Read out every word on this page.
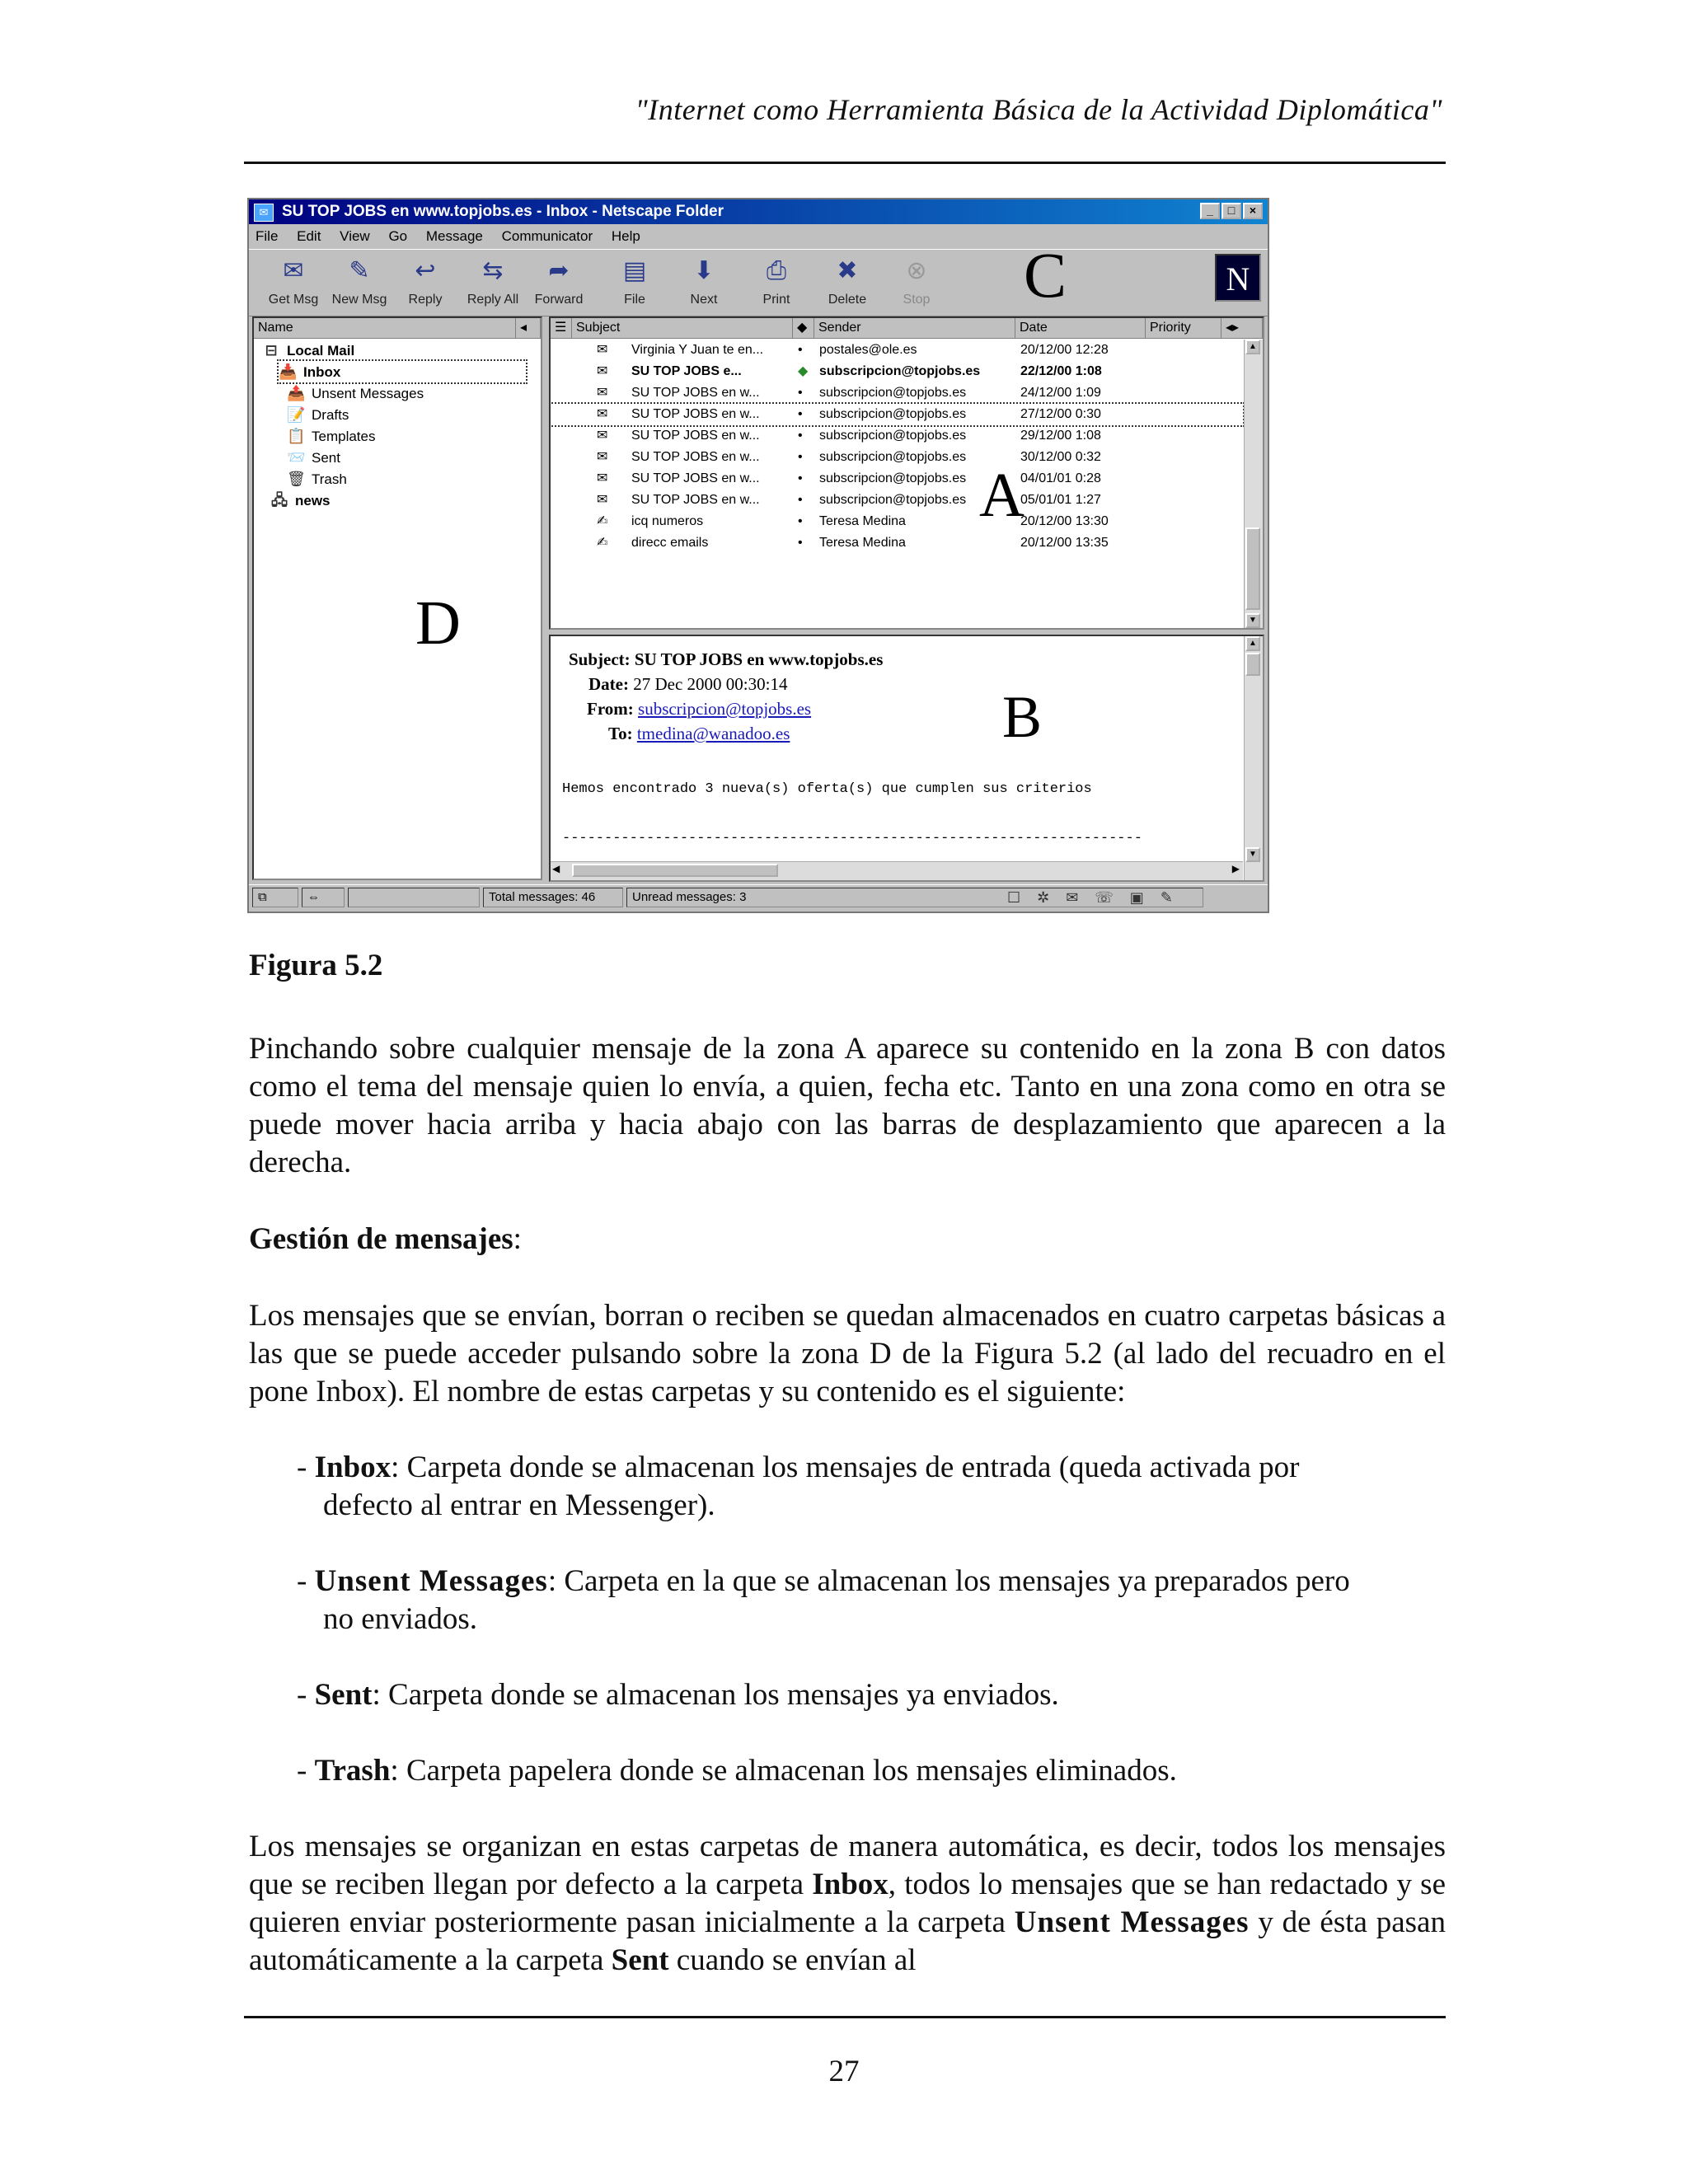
"Internet como Herramienta Básica de la Actividad Diplomática"
✉ SU TOP JOBS en www.topjobs.es - Inbox - Netscape Folder	_ □ ×
File Edit View Go Message Communicator Help
✉
Get Msg
✎
New Msg
↩
Reply
⇆
Reply All
➦
Forward
▤
File
⬇
Next
⎙
Print
✖
Delete
⊗
Stop	C	N
Name	◂
⊟ Local Mail
📥 Inbox
📤 Unsent Messages
📝 Drafts
📋 Templates
📨 Sent
🗑 Trash
🖧 news
D
☰ Subject	◆ Sender	Date	Priority	◂▸
✉ Virginia Y Juan te en...	• postales@ole.es	20/12/00 12:28
✉ SU TOP JOBS e...	◆ subscripcion@topjobs.es	22/12/00 1:08
✉ SU TOP JOBS en w...	• subscripcion@topjobs.es	24/12/00 1:09
✉ SU TOP JOBS en w...	• subscripcion@topjobs.es	27/12/00 0:30
✉ SU TOP JOBS en w...	• subscripcion@topjobs.es	29/12/00 1:08
✉ SU TOP JOBS en w...	• subscripcion@topjobs.es	30/12/00 0:32
✉ SU TOP JOBS en w...	• subscripcion@topjobs.es	04/01/01 0:28
✉ SU TOP JOBS en w...	• subscripcion@topjobs.es	05/01/01 1:27
✍ icq numeros	• Teresa Medina	20/12/00 13:30
✍ direcc emails	• Teresa Medina	20/12/00 13:35
A
▲
▼
Subject: SU TOP JOBS en www.topjobs.es
Date: 27 Dec 2000 00:30:14
From: subscripcion@topjobs.es
To: tmedina@wanadoo.es	B
Hemos encontrado 3 nueva(s) oferta(s) que cumplen sus criterios
---------------------------------------------------------------------
▲
▼
◀	▶
⧉	⇔	Total messages: 46	Unread messages: 3	☐✲✉☏▣✎
Figura 5.2
Pinchando sobre cualquier mensaje de la zona A aparece su contenido en la zona B con datos como el tema del mensaje quien lo envía, a quien, fecha etc. Tanto en una zona como en otra se puede mover hacia arriba y hacia abajo con las barras de desplazamiento que aparecen a la derecha.
Gestión de mensajes:
Los mensajes que se envían, borran o reciben se quedan almacenados en cuatro carpetas básicas a las que se puede acceder pulsando sobre la zona D de la Figura 5.2 (al lado del recuadro en el pone Inbox). El nombre de estas carpetas y su contenido es el siguiente:
- Inbox: Carpeta donde se almacenan los mensajes de entrada (queda activada por
defecto al entrar en Messenger).
- Unsent Messages: Carpeta en la que se almacenan los mensajes ya preparados pero
no enviados.
- Sent: Carpeta donde se almacenan los mensajes ya enviados.
- Trash: Carpeta papelera donde se almacenan los mensajes eliminados.
Los mensajes se organizan en estas carpetas de manera automática, es decir, todos los mensajes que se reciben llegan por defecto a la carpeta Inbox, todos lo mensajes que se han redactado y se quieren enviar posteriormente pasan inicialmente a la carpeta Unsent Messages y de ésta pasan automáticamente a la carpeta Sent cuando se envían al
27
